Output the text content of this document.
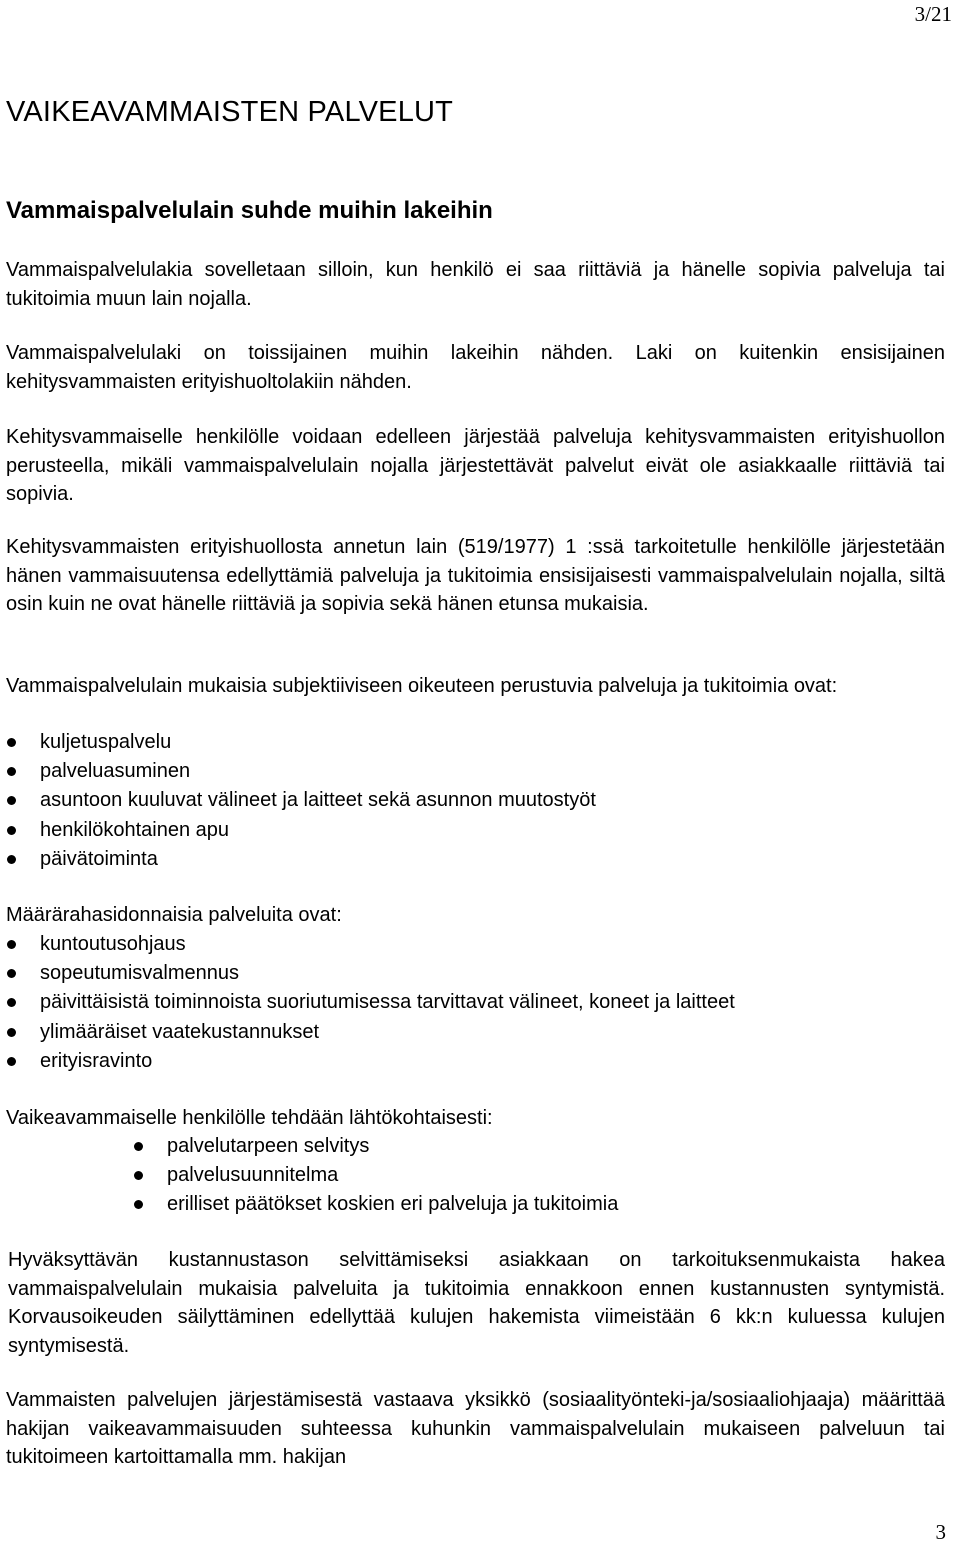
3/21
VAIKEAVAMMAISTEN PALVELUT
Vammaispalvelulain suhde muihin lakeihin

Vammaispalvelulakia sovelletaan silloin, kun henkilö ei saa riittäviä ja hänelle sopivia palveluja tai tukitoimia muun lain nojalla.

Vammaispalvelulaki on toissijainen muihin lakeihin nähden. Laki on kuitenkin ensisijainen kehitysvammaisten erityishuoltolakiin nähden.

Kehitysvammaiselle henkilölle voidaan edelleen järjestää palveluja kehitysvammaisten erityishuollon perusteella, mikäli vammaispalvelulain nojalla järjestettävät palvelut eivät ole asiakkaalle riittäviä tai sopivia.

Kehitysvammaisten erityishuollosta annetun lain (519/1977) 1 :ssä tarkoitetulle henkilölle järjestetään hänen vammaisuutensa edellyttämiä palveluja ja tukitoimia ensisijaisesti vammaispalvelulain nojalla, siltä osin kuin ne ovat hänelle riittäviä ja sopivia sekä hänen etunsa mukaisia.

Vammaispalvelulain mukaisia subjektiiviseen oikeuteen perustuvia palveluja ja tukitoimia ovat:

kuljetuspalvelu
palveluasuminen
asuntoon kuuluvat välineet ja laitteet sekä asunnon muutostyöt
henkilökohtainen apu
päivätoiminta

Määrärahasidonnaisia palveluita ovat:

kuntoutusohjaus
sopeutumisvalmennus
päivittäisistä toiminnoista suoriutumisessa tarvittavat välineet, koneet ja laitteet
ylimääräiset vaatekustannukset
erityisravinto

Vaikeavammaiselle henkilölle tehdään lähtökohtaisesti:

palvelutarpeen selvitys
palvelusuunnitelma
erilliset päätökset koskien eri palveluja ja tukitoimia

Hyväksyttävän kustannustason selvittämiseksi asiakkaan on tarkoituksenmukaista hakea vammaispalvelulain mukaisia palveluita ja tukitoimia ennakkoon ennen kustannusten syntymistä. Korvausoikeuden säilyttäminen edellyttää kulujen hakemista viimeistään 6 kk:n kuluessa kulujen syntymisestä.

Vammaisten palvelujen järjestämisestä vastaava yksikkö (sosiaalityönteki-ja/sosiaaliohjaaja) määrittää hakijan vaikeavammaisuuden suhteessa kuhunkin vammaispalvelulain mukaiseen palveluun tai tukitoimeen kartoittamalla mm. hakijan

3
